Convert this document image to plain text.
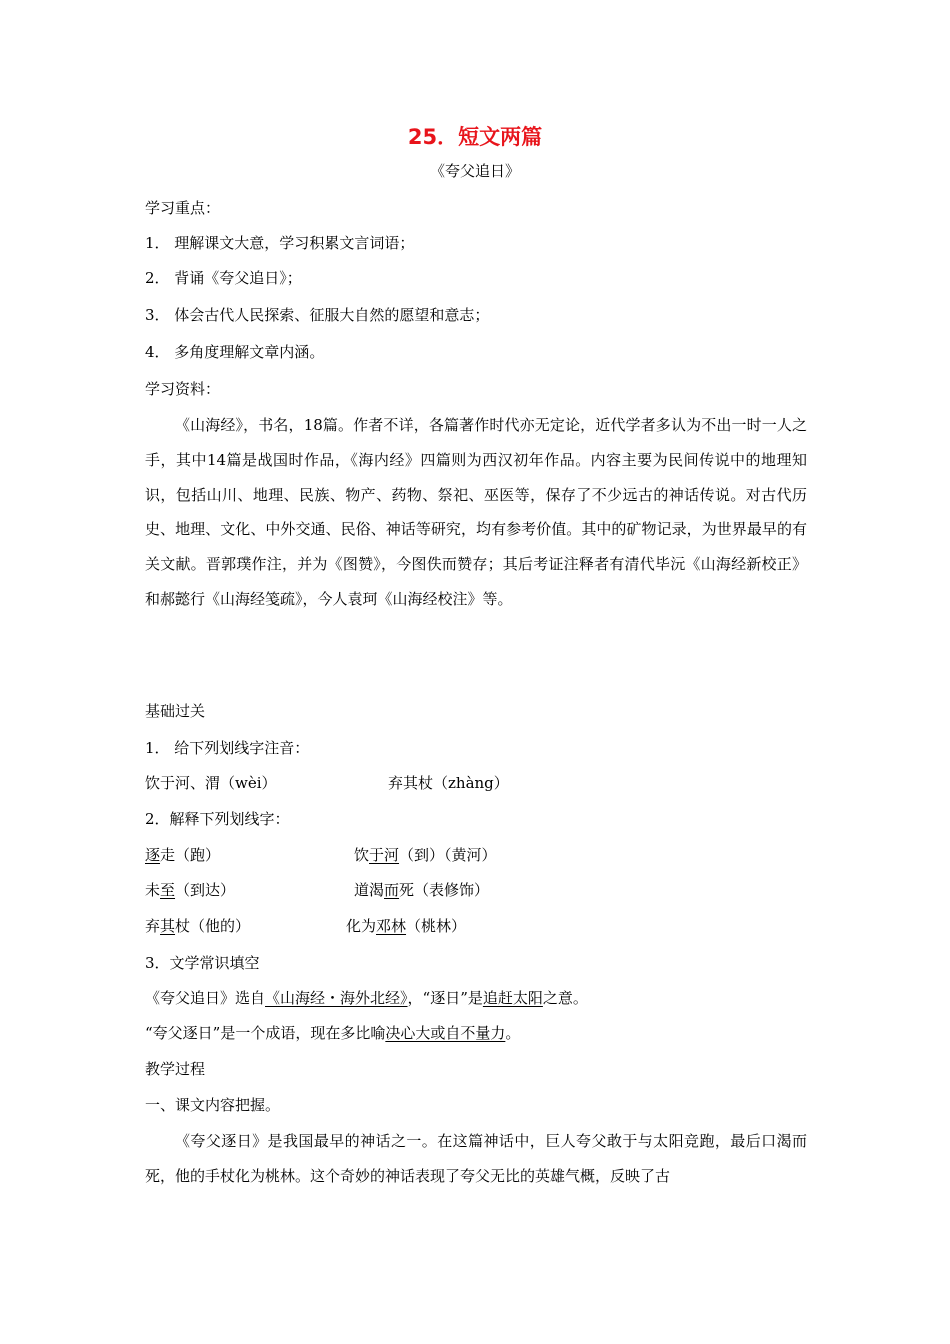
25．短文两篇
《夸父追日》
学习重点：
1． 理解课文大意，学习积累文言词语；
2． 背诵《夸父追日》；
3． 体会古代人民探索、征服大自然的愿望和意志；
4． 多角度理解文章内涵。
学习资料：
《山海经》，书名，18篇。作者不详，各篇著作时代亦无定论，近代学者多认为不出一时一人之手，其中14篇是战国时作品，《海内经》四篇则为西汉初年作品。内容主要为民间传说中的地理知识，包括山川、地理、民族、物产、药物、祭祀、巫医等，保存了不少远古的神话传说。对古代历史、地理、文化、中外交通、民俗、神话等研究，均有参考价值。其中的矿物记录，为世界最早的有关文献。晋郭璞作注，并为《图赞》，今图佚而赞存；其后考证注释者有清代毕沅《山海经新校正》和郝懿行《山海经笺疏》，今人袁珂《山海经校注》等。
基础过关
1． 给下列划线字注音：
饮于河、渭（wèi）	弃其杖（zhàng）
2．解释下列划线字：
逐走（跑）	饮于河（到）（黄河）
未至（到达）	道渴而死（表修饰）
弃其杖（他的）	化为邓林（桃林）
3．文学常识填空
《夸父追日》选自《山海经・海外北经》，“逐日”是追赶太阳之意。
“夸父逐日”是一个成语，现在多比喻决心大或自不量力。
教学过程
一、课文内容把握。
《夸父逐日》是我国最早的神话之一。在这篇神话中，巨人夸父敢于与太阳竞跑，最后口渴而死，他的手杖化为桃林。这个奇妙的神话表现了夸父无比的英雄气概，反映了古
